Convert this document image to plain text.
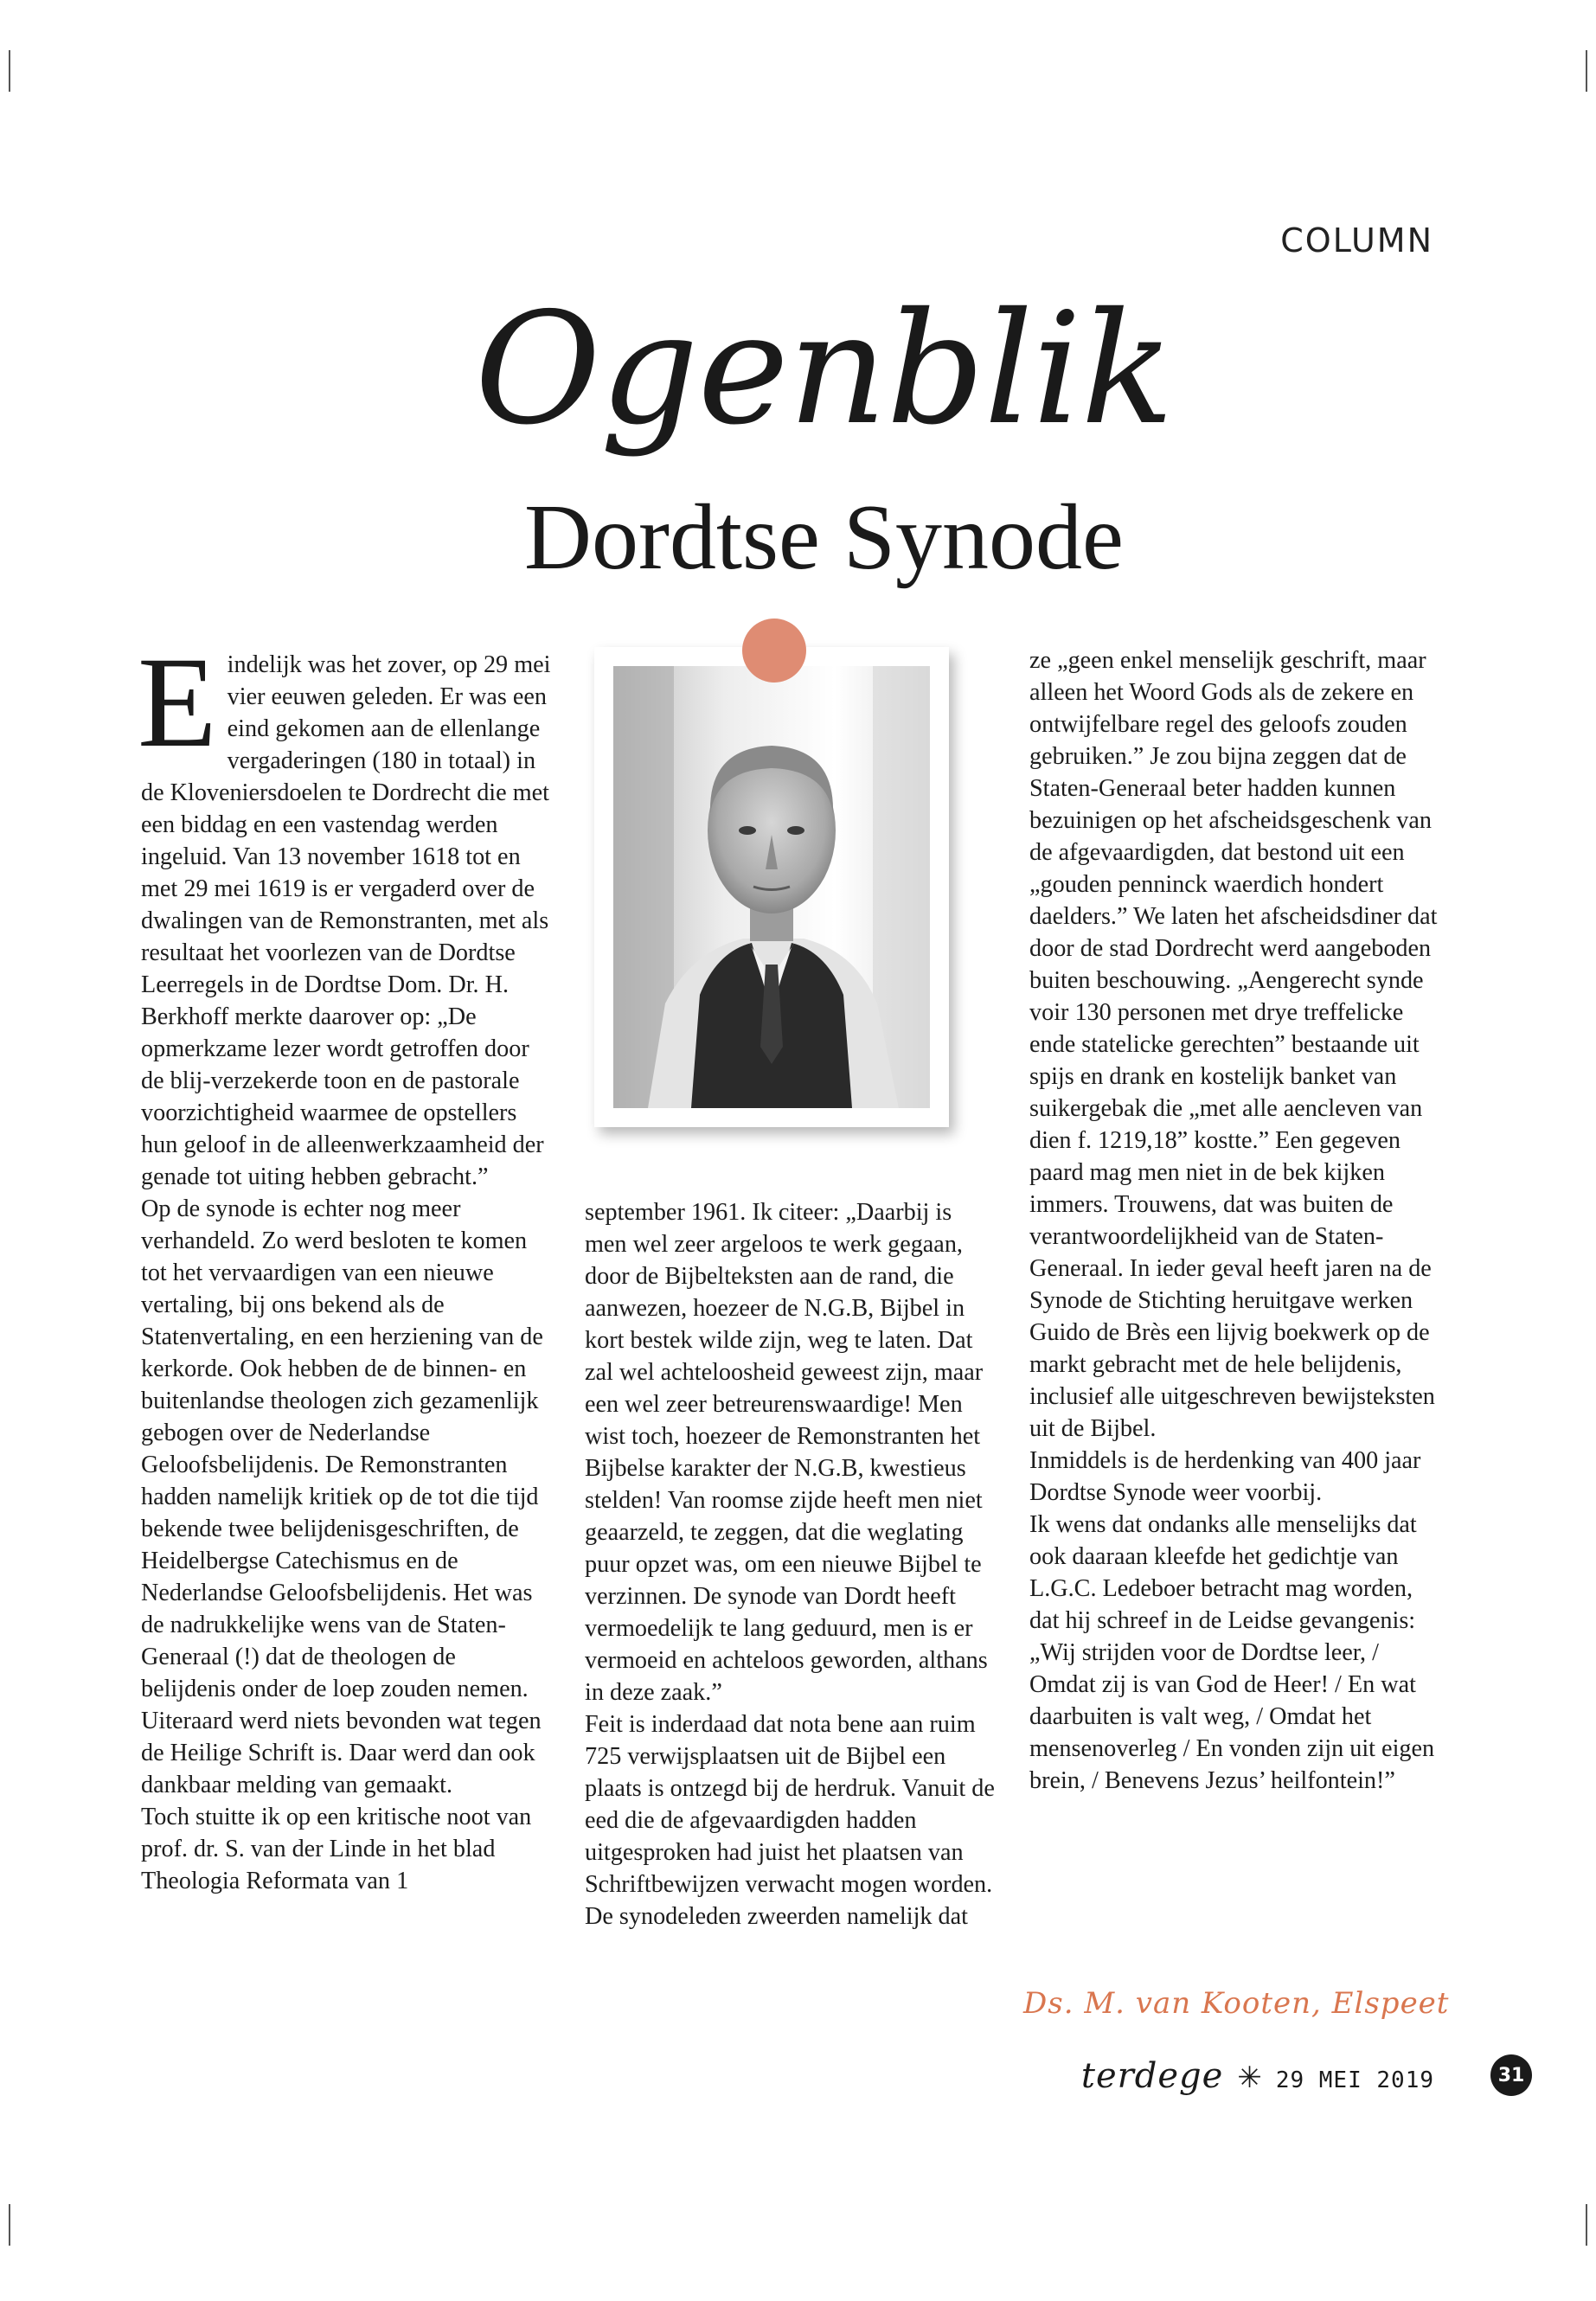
COLUMN
Ogenblik
Dordtse Synode
E indelijk was het zover, op 29 mei vier eeuwen geleden. Er was een eind gekomen aan de ellenlange vergaderingen (180 in totaal) in de Kloveniersdoelen te Dordrecht die met een biddag en een vastendag werden ingeluid. Van 13 november 1618 tot en met 29 mei 1619 is er vergaderd over de dwalingen van de Remonstranten, met als resultaat het voorlezen van de Dordtse Leerregels in de Dordtse Dom. Dr. H. Berkhoff merkte daarover op: „De opmerkzame lezer wordt getroffen door de blij-verzekerde toon en de pastorale voorzichtigheid waarmee de opstellers hun geloof in de alleenwerkzaamheid der genade tot uiting hebben gebracht.”

Op de synode is echter nog meer verhandeld. Zo werd besloten te komen tot het vervaardigen van een nieuwe vertaling, bij ons bekend als de Statenvertaling, en een herziening van de kerkorde. Ook hebben de de binnen- en buitenlandse theologen zich gezamenlijk gebogen over de Nederlandse Geloofsbelijdenis. De Remonstranten hadden namelijk kritiek op de tot die tijd bekende twee belijdenisgeschriften, de Heidelbergse Catechismus en de Nederlandse Geloofsbelijdenis. Het was de nadrukkelijke wens van de Staten-Generaal (!) dat de theologen de belijdenis onder de loep zouden nemen. Uiteraard werd niets bevonden wat tegen de Heilige Schrift is. Daar werd dan ook dankbaar melding van gemaakt.

Toch stuitte ik op een kritische noot van prof. dr. S. van der Linde in het blad Theologia Reformata van 1

september 1961. Ik citeer: „Daarbij is men wel zeer argeloos te werk gegaan, door de Bijbelteksten aan de rand, die aanwezen, hoezeer de N.G.B, Bijbel in kort bestek wilde zijn, weg te laten. Dat zal wel achteloosheid geweest zijn, maar een wel zeer betreurenswaardige! Men wist toch, hoezeer de Remonstranten het Bijbelse karakter der N.G.B, kwestieus stelden! Van roomse zijde heeft men niet geaarzeld, te zeggen, dat die weglating puur opzet was, om een nieuwe Bijbel te verzinnen. De synode van Dordt heeft vermoedelijk te lang geduurd, men is er vermoeid en achteloos geworden, althans in deze zaak.”

Feit is inderdaad dat nota bene aan ruim 725 verwijsplaatsen uit de Bijbel een plaats is ontzegd bij de herdruk. Vanuit de eed die de afgevaardigden hadden uitgesproken had juist het plaatsen van Schriftbewijzen verwacht mogen worden. De synodeleden zweerden namelijk dat

ze „geen enkel menselijk geschrift, maar alleen het Woord Gods als de zekere en ontwijfelbare regel des geloofs zouden gebruiken.” Je zou bijna zeggen dat de Staten-Generaal beter hadden kunnen bezuinigen op het afscheidsgeschenk van de afgevaardigden, dat bestond uit een „gouden penninck waerdich hondert daelders.” We laten het afscheidsdiner dat door de stad Dordrecht werd aangeboden buiten beschouwing. „Aengerecht synde voir 130 personen met drye treffelicke ende statelicke gerechten” bestaande uit spijs en drank en kostelijk banket van suikergebak die „met alle aencleven van dien f. 1219,18” kostte.” Een gegeven paard mag men niet in de bek kijken immers. Trouwens, dat was buiten de verantwoordelijkheid van de Staten-Generaal. In ieder geval heeft jaren na de Synode de Stichting heruitgave werken Guido de Brès een lijvig boekwerk op de markt gebracht met de hele belijdenis, inclusief alle uitgeschreven bewijsteksten uit de Bijbel.

Inmiddels is de herdenking van 400 jaar Dordtse Synode weer voorbij.

Ik wens dat ondanks alle menselijks dat ook daaraan kleefde het gedichtje van L.G.C. Ledeboer betracht mag worden, dat hij schreef in de Leidse gevangenis: „Wij strijden voor de Dordtse leer, / Omdat zij is van God de Heer! / En wat daarbuiten is valt weg, / Omdat het mensenoverleg / En vonden zijn uit eigen brein, / Benevens Jezus’ heilfontein!”

Ds. M. van Kooten, Elspeet
terdege ✳ 29 MEI 2019	31
